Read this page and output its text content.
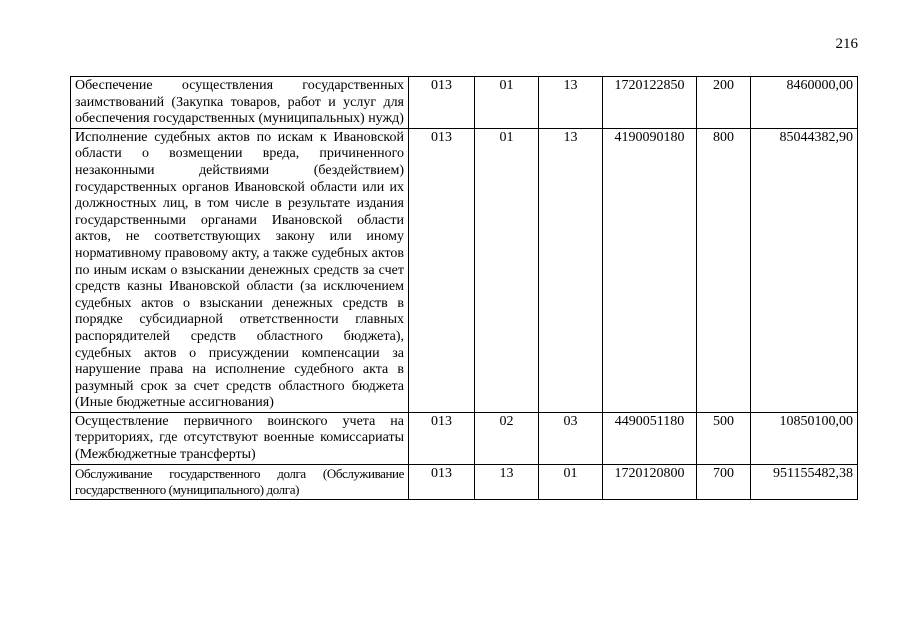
216
Обеспечение осуществления государственных заимствований (Закупка товаров, работ и услуг для обеспечения государственных (муниципальных) нужд)	013	01	13	1720122850	200	8460000,00
Исполнение судебных актов по искам к Ивановской области о возмещении вреда, причиненного незаконными действиями (бездействием) государственных органов Ивановской области или их должностных лиц, в том числе в результате издания государственными органами Ивановской области актов, не соответствующих закону или иному нормативному правовому акту, а также судебных актов по иным искам о взыскании денежных средств за счет средств казны Ивановской области (за исключением судебных актов о взыскании денежных средств в порядке субсидиарной ответственности главных распорядителей средств областного бюджета), судебных актов о присуждении компенсации за нарушение права на исполнение судебного акта в разумный срок за счет средств областного бюджета (Иные бюджетные ассигнования)	013	01	13	4190090180	800	85044382,90
Осуществление первичного воинского учета на территориях, где отсутствуют военные комиссариаты (Межбюджетные трансферты)	013	02	03	4490051180	500	10850100,00
Обслуживание государственного долга (Обслуживание государственного (муниципального) долга)	013	13	01	1720120800	700	951155482,38
